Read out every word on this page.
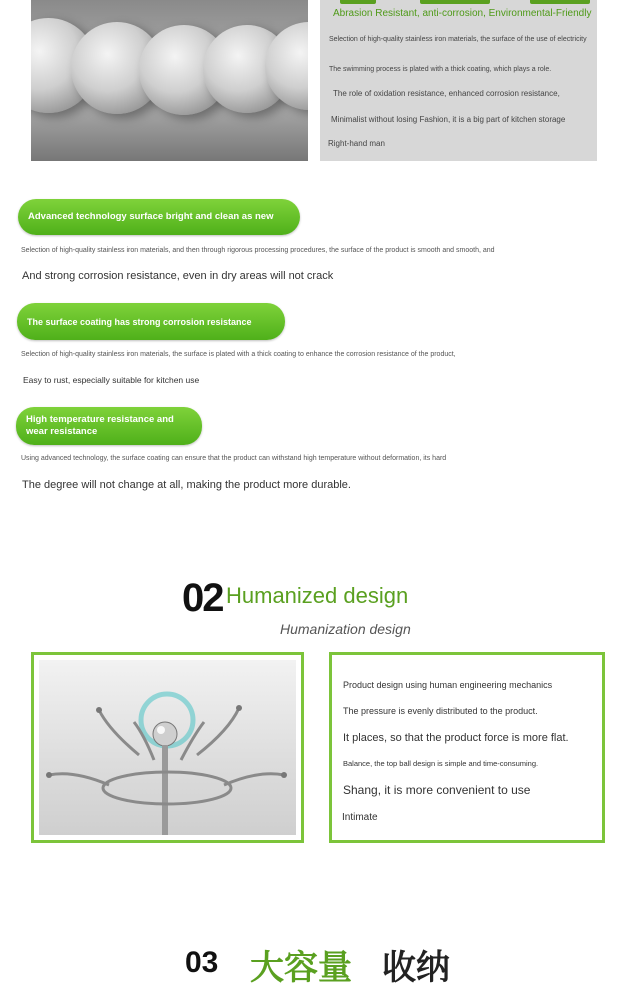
Abrasion Resistant, anti-corrosion, Environmental-Friendly
Selection of high-quality stainless iron materials, the surface of the use of electricity
The swimming process is plated with a thick coating, which plays a role.
The role of oxidation resistance, enhanced corrosion resistance,
Minimalist without losing Fashion, it is a big part of kitchen storage
Right-hand man
Advanced technology surface bright and clean as new
Selection of high-quality stainless iron materials, and then through rigorous processing procedures, the surface of the product is smooth and smooth, and
And strong corrosion resistance, even in dry areas will not crack
The surface coating has strong corrosion resistance
Selection of high-quality stainless iron materials, the surface is plated with a thick coating to enhance the corrosion resistance of the product,
Easy to rust, especially suitable for kitchen use
High temperature resistance and
wear resistance
Using advanced technology, the surface coating can ensure that the product can withstand high temperature without deformation, its hard
The degree will not change at all, making the product more durable.
02 Humanized design
Humanization design
Product design using human engineering mechanics
The pressure is evenly distributed to the product.
It places, so that the product force is more flat.
Balance, the top ball design is simple and time-consuming.
Shang, it is more convenient to use
Intimate
03 大容量 收纳
